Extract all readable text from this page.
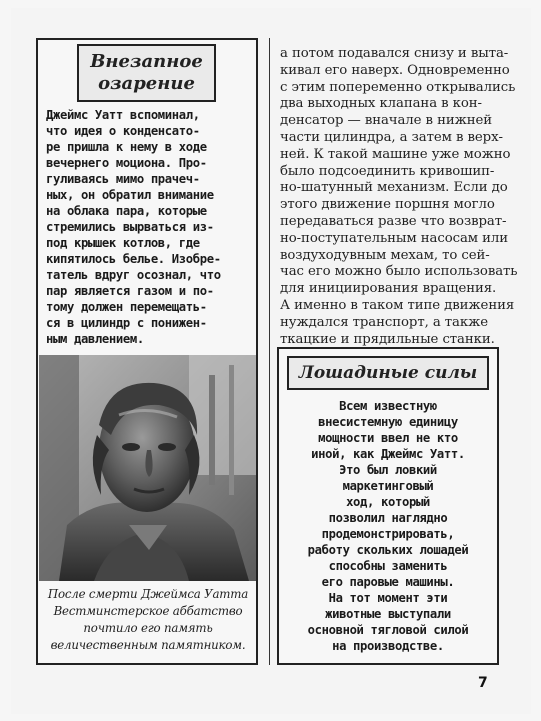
Внезапное
озарение
Джеймс Уатт вспоминал,
что идея о конденсато-
ре пришла к нему в ходе
вечернего моциона. Про-
гуливаясь мимо прачеч-
ных, он обратил внимание
на облака пара, которые
стремились вырваться из-
под крышек котлов, где
кипятилось белье. Изобре-
татель вдруг осознал, что
пар является газом и по-
тому должен перемещать-
ся в цилиндр с понижен-
ным давлением.
После смерти Джеймса Уатта
Вестминстерское аббатство
почтило его память
величественным памятником.
а потом подавался снизу и выта-
кивал его наверх. Одновременно
с этим попеременно открывались
два выходных клапана в кон-
денсатор — вначале в нижней
части цилиндра, а затем в верх-
ней. К такой машине уже можно
было подсоединить кривошип-
но-шатунный механизм. Если до
этого движение поршня могло
передаваться разве что возврат-
но-поступательным насосам или
воздуходувным мехам, то сей-
час его можно было использовать
для инициирования вращения.
А именно в таком типе движения
нуждался транспорт, а также
ткацкие и прядильные станки.
Лошадиные силы
Всем известную
внесистемную единицу
мощности ввел не кто
иной, как Джеймс Уатт.
Это был ловкий
маркетинговый
ход, который
позволил наглядно
продемонстрировать,
работу скольких лошадей
способны заменить
его паровые машины.
На тот момент эти
животные выступали
основной тягловой силой
на производстве.
7
